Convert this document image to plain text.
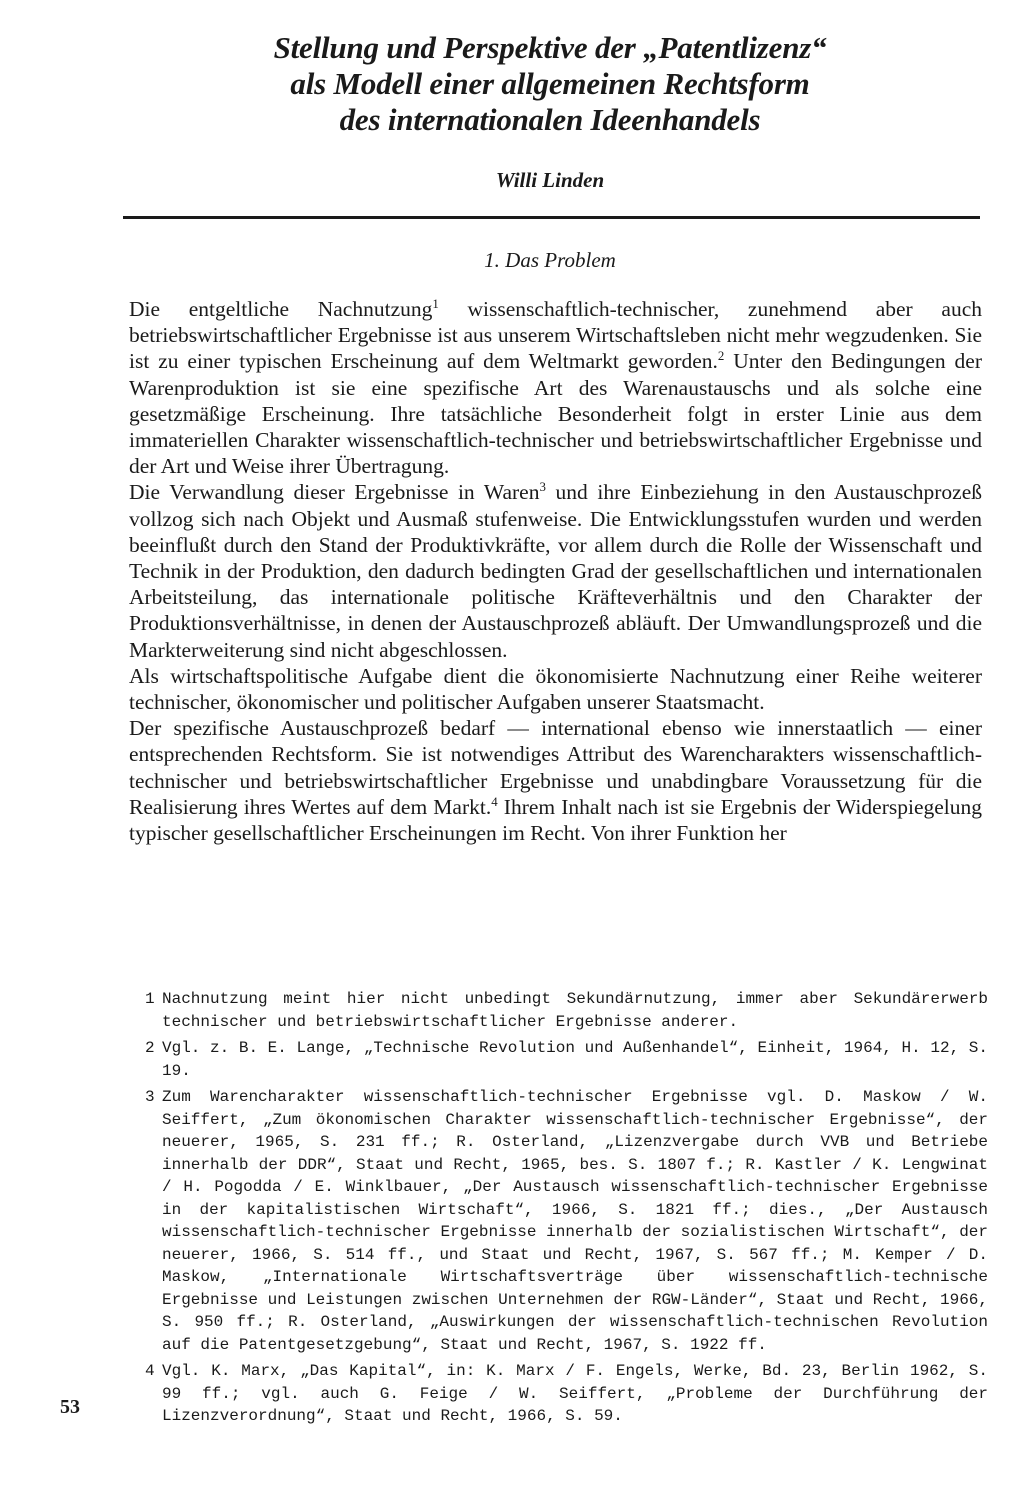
Stellung und Perspektive der „Patentlizenz“
als Modell einer allgemeinen Rechtsform
des internationalen Ideenhandels
Willi Linden
1. Das Problem

Die entgeltliche Nachnutzung$^1$ wissenschaftlich-technischer, zunehmend aber auch betriebswirtschaftlicher Ergebnisse ist aus unserem Wirtschaftsleben nicht mehr wegzudenken. Sie ist zu einer typischen Erscheinung auf dem Weltmarkt geworden.$^2$ Unter den Bedingungen der Warenproduktion ist sie eine spezifische Art des Warenaustauschs und als solche eine gesetzmäßige Erscheinung. Ihre tatsächliche Besonderheit folgt in erster Linie aus dem immateriellen Charakter wissenschaftlich-technischer und betriebswirtschaftlicher Ergebnisse und der Art und Weise ihrer Übertragung.

Die Verwandlung dieser Ergebnisse in Waren$^3$ und ihre Einbeziehung in den Austauschprozeß vollzog sich nach Objekt und Ausmaß stufenweise. Die Entwicklungsstufen wurden und werden beeinflußt durch den Stand der Produktivkräfte, vor allem durch die Rolle der Wissenschaft und Technik in der Produktion, den dadurch bedingten Grad der gesellschaftlichen und internationalen Arbeitsteilung, das internationale politische Kräfteverhältnis und den Charakter der Produktionsverhältnisse, in denen der Austauschprozeß abläuft. Der Umwandlungsprozeß und die Markterweiterung sind nicht abgeschlossen.

Als wirtschaftspolitische Aufgabe dient die ökonomisierte Nachnutzung einer Reihe weiterer technischer, ökonomischer und politischer Aufgaben unserer Staatsmacht.

Der spezifische Austauschprozeß bedarf — international ebenso wie innerstaatlich — einer entsprechenden Rechtsform. Sie ist notwendiges Attribut des Warencharakters wissenschaftlich-technischer und betriebswirtschaftlicher Ergebnisse und unabdingbare Voraussetzung für die Realisierung ihres Wertes auf dem Markt.$^4$ Ihrem Inhalt nach ist sie Ergebnis der Widerspiegelung typischer gesellschaftlicher Erscheinungen im Recht. Von ihrer Funktion her

1 Nachnutzung meint hier nicht unbedingt Sekundärnutzung, immer aber Sekundärerwerb technischer und betriebswirtschaftlicher Ergebnisse anderer.
2 Vgl. z. B. E. Lange, „Technische Revolution und Außenhandel“, Einheit, 1964, H. 12, S. 19.
3 Zum Warencharakter wissenschaftlich-technischer Ergebnisse vgl. D. Maskow / W. Seiffert, „Zum ökonomischen Charakter wissenschaftlich-technischer Ergebnisse“, der neuerer, 1965, S. 231 ff.; R. Osterland, „Lizenzvergabe durch VVB und Betriebe innerhalb der DDR“, Staat und Recht, 1965, bes. S. 1807 f.; R. Kastler / K. Lengwinat / H. Pogodda / E. Winklbauer, „Der Austausch wissenschaftlich-technischer Ergebnisse in der kapitalistischen Wirtschaft“, 1966, S. 1821 ff.; dies., „Der Austausch wissenschaftlich-technischer Ergebnisse innerhalb der sozialistischen Wirtschaft“, der neuerer, 1966, S. 514 ff., und Staat und Recht, 1967, S. 567 ff.; M. Kemper / D. Maskow, „Internationale Wirtschaftsverträge über wissenschaftlich-technische Ergebnisse und Leistungen zwischen Unternehmen der RGW-Länder“, Staat und Recht, 1966, S. 950 ff.; R. Osterland, „Auswirkungen der wissenschaftlich-technischen Revolution auf die Patentgesetzgebung“, Staat und Recht, 1967, S. 1922 ff.
4 Vgl. K. Marx, „Das Kapital“, in: K. Marx / F. Engels, Werke, Bd. 23, Berlin 1962, S. 99 ff.; vgl. auch G. Feige / W. Seiffert, „Probleme der Durchführung der Lizenzverordnung“, Staat und Recht, 1966, S. 59.
53
